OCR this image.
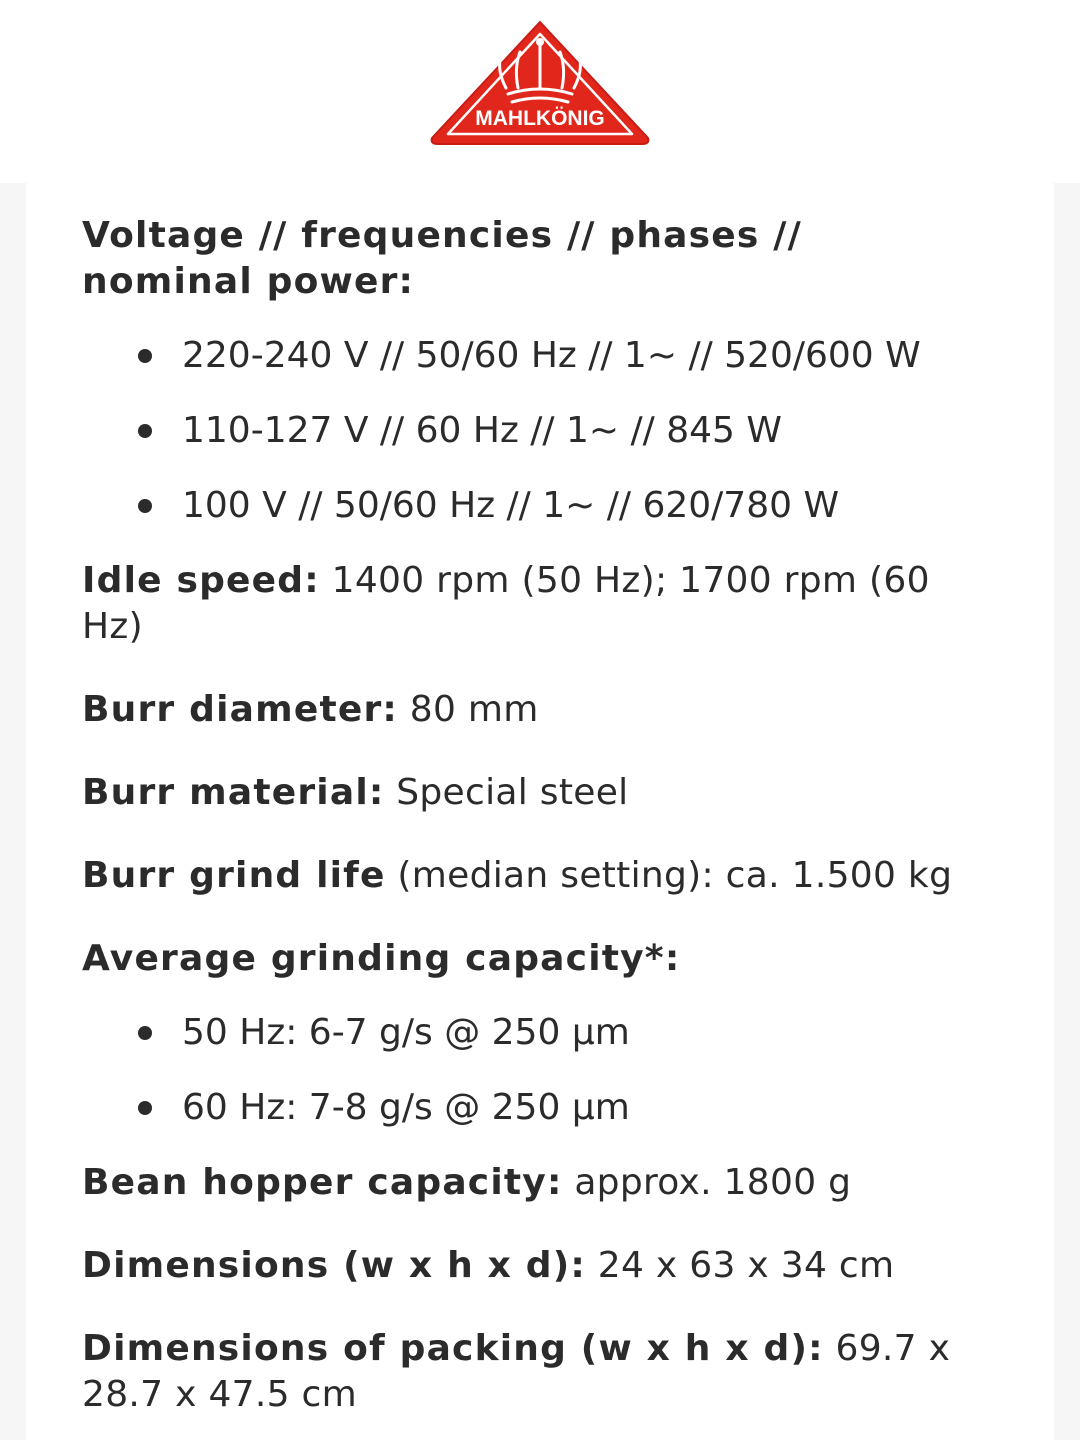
MAHLKÖNIG

Voltage // frequencies // phases // nominal power:

220-240 V // 50/60 Hz // 1~ // 520/600 W
110-127 V // 60 Hz // 1~ // 845 W
100 V // 50/60 Hz // 1~ // 620/780 W

Idle speed: 1400 rpm (50 Hz); 1700 rpm (60 Hz)

Burr diameter: 80 mm

Burr material: Special steel

Burr grind life (median setting): ca. 1.500 kg

Average grinding capacity*:

50 Hz: 6-7 g/s @ 250 µm
60 Hz: 7-8 g/s @ 250 µm

Bean hopper capacity: approx. 1800 g

Dimensions (w x h x d): 24 x 63 x 34 cm

Dimensions of packing (w x h x d): 69.7 x 28.7 x 47.5 cm
